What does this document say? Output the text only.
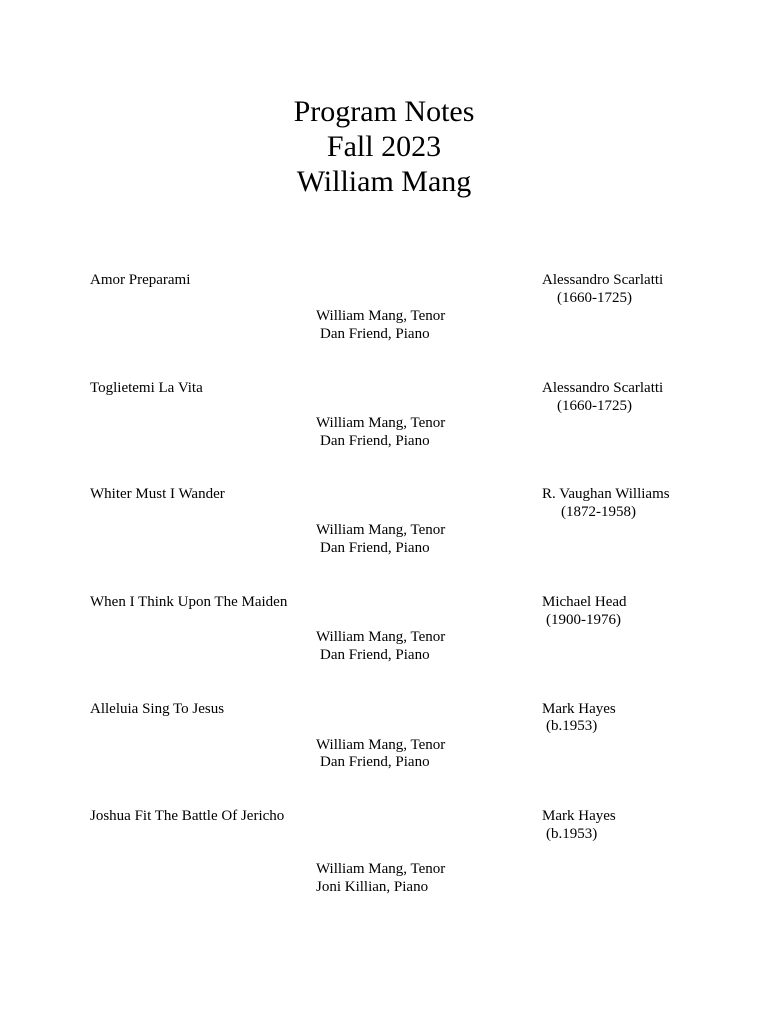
Program Notes
Fall 2023
William Mang
Amor Preparami	Alessandro Scarlatti
(1660-1725)
William Mang, Tenor
Dan Friend, Piano
Toglietemi La Vita	Alessandro Scarlatti
(1660-1725)
William Mang, Tenor
Dan Friend, Piano
Whiter Must I Wander	R. Vaughan Williams
(1872-1958)
William Mang, Tenor
Dan Friend, Piano
When I Think Upon The Maiden	Michael Head
(1900-1976)
William Mang, Tenor
Dan Friend, Piano
Alleluia Sing To Jesus	Mark Hayes
(b.1953)
William Mang, Tenor
Dan Friend, Piano
Joshua Fit The Battle Of Jericho	Mark Hayes
(b.1953)
William Mang, Tenor
Joni Killian, Piano
